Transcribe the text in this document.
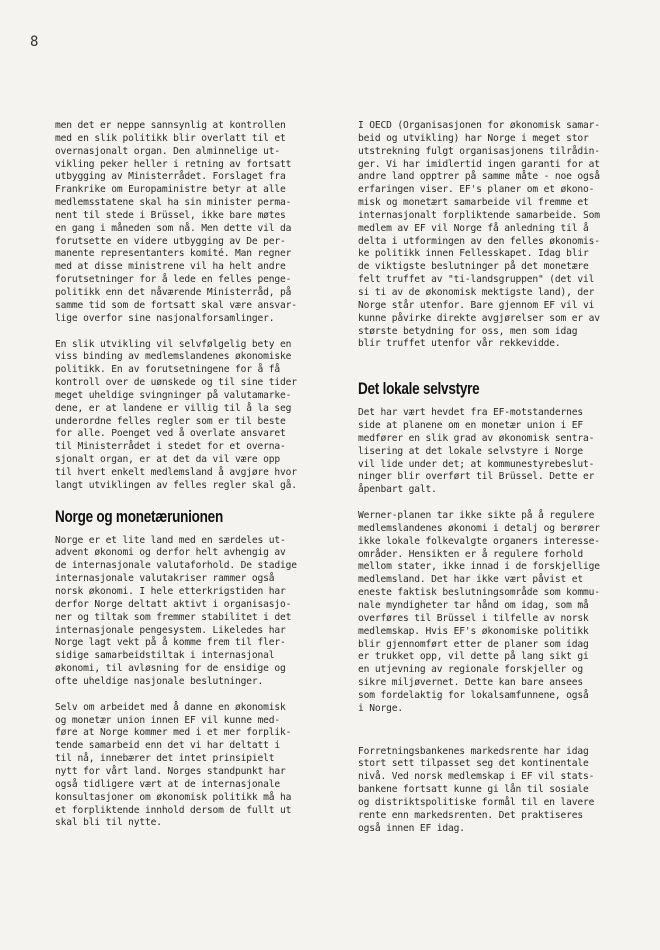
8

men det er neppe sannsynlig at kontrollen
med en slik politikk blir overlatt til et
overnasjonalt organ. Den alminnelige ut-
vikling peker heller i retning av fortsatt
utbygging av Ministerrådet. Forslaget fra
Frankrike om Europaministre betyr at alle
medlemsstatene skal ha sin minister perma-
nent til stede i Brüssel, ikke bare møtes
en gang i måneden som nå. Men dette vil da
forutsette en videre utbygging av De per-
manente representanters komité. Man regner
med at disse ministrene vil ha helt andre
forutsetninger for å lede en felles penge-
politikk enn det nåværende Ministerråd, på
samme tid som de fortsatt skal være ansvar-
lige overfor sine nasjonalforsamlinger.

En slik utvikling vil selvfølgelig bety en
viss binding av medlemslandenes økonomiske
politikk. En av forutsetningene for å få
kontroll over de uønskede og til sine tider
meget uheldige svingninger på valutamarke-
dene, er at landene er villig til å la seg
underordne felles regler som er til beste
for alle. Poenget ved å overlate ansvaret
til Ministerrådet i stedet for et overna-
sjonalt organ, er at det da vil være opp
til hvert enkelt medlemsland å avgjøre hvor
langt utviklingen av felles regler skal gå.

Norge og monetærunionen

Norge er et lite land med en særdeles ut-
advent økonomi og derfor helt avhengig av
de internasjonale valutaforhold. De stadige
internasjonale valutakriser rammer også
norsk økonomi. I hele etterkrigstiden har
derfor Norge deltatt aktivt i organisasjo-
ner og tiltak som fremmer stabilitet i det
internasjonale pengesystem. Likeledes har
Norge lagt vekt på å komme frem til fler-
sidige samarbeidstiltak i internasjonal
økonomi, til avløsning for de ensidige og
ofte uheldige nasjonale beslutninger.

Selv om arbeidet med å danne en økonomisk
og monetær union innen EF vil kunne med-
føre at Norge kommer med i et mer forplik-
tende samarbeid enn det vi har deltatt i
til nå, innebærer det intet prinsipielt
nytt for vårt land. Norges standpunkt har
også tidligere vært at de internasjonale
konsultasjoner om økonomisk politikk må ha
et forpliktende innhold dersom de fullt ut
skal bli til nytte.

I OECD (Organisasjonen for økonomisk samar-
beid og utvikling) har Norge i meget stor
utstrekning fulgt organisasjonens tilrådin-
ger. Vi har imidlertid ingen garanti for at
andre land opptrer på samme måte - noe også
erfaringen viser. EF's planer om et økono-
misk og monetært samarbeide vil fremme et
internasjonalt forpliktende samarbeide. Som
medlem av EF vil Norge få anledning til å
delta i utformingen av den felles økonomis-
ke politikk innen Fellesskapet. Idag blir
de viktigste beslutninger på det monetære
felt truffet av "ti-landsgruppen" (det vil
si ti av de økonomisk mektigste land), der
Norge står utenfor. Bare gjennom EF vil vi
kunne påvirke direkte avgjørelser som er av
største betydning for oss, men som idag
blir truffet utenfor vår rekkevidde.

Det lokale selvstyre

Det har vært hevdet fra EF-motstandernes
side at planene om en monetær union i EF
medfører en slik grad av økonomisk sentra-
lisering at det lokale selvstyre i Norge
vil lide under det; at kommunestyrebeslut-
ninger blir overført til Brüssel. Dette er
åpenbart galt.

Werner-planen tar ikke sikte på å regulere
medlemslandenes økonomi i detalj og berører
ikke lokale folkevalgte organers interesse-
områder. Hensikten er å regulere forhold
mellom stater, ikke innad i de forskjellige
medlemsland. Det har ikke vært påvist et
eneste faktisk beslutningsområde som kommu-
nale myndigheter tar hånd om idag, som må
overføres til Brüssel i tilfelle av norsk
medlemskap. Hvis EF's økonomiske politikk
blir gjennomført etter de planer som idag
er trukket opp, vil dette på lang sikt gi
en utjevning av regionale forskjeller og
sikre miljøvernet. Dette kan bare ansees
som fordelaktig for lokalsamfunnene, også
i Norge.

Forretningsbankenes markedsrente har idag
stort sett tilpasset seg det kontinentale
nivå. Ved norsk medlemskap i EF vil stats-
bankene fortsatt kunne gi lån til sosiale
og distriktspolitiske formål til en lavere
rente enn markedsrenten. Det praktiseres
også innen EF idag.
